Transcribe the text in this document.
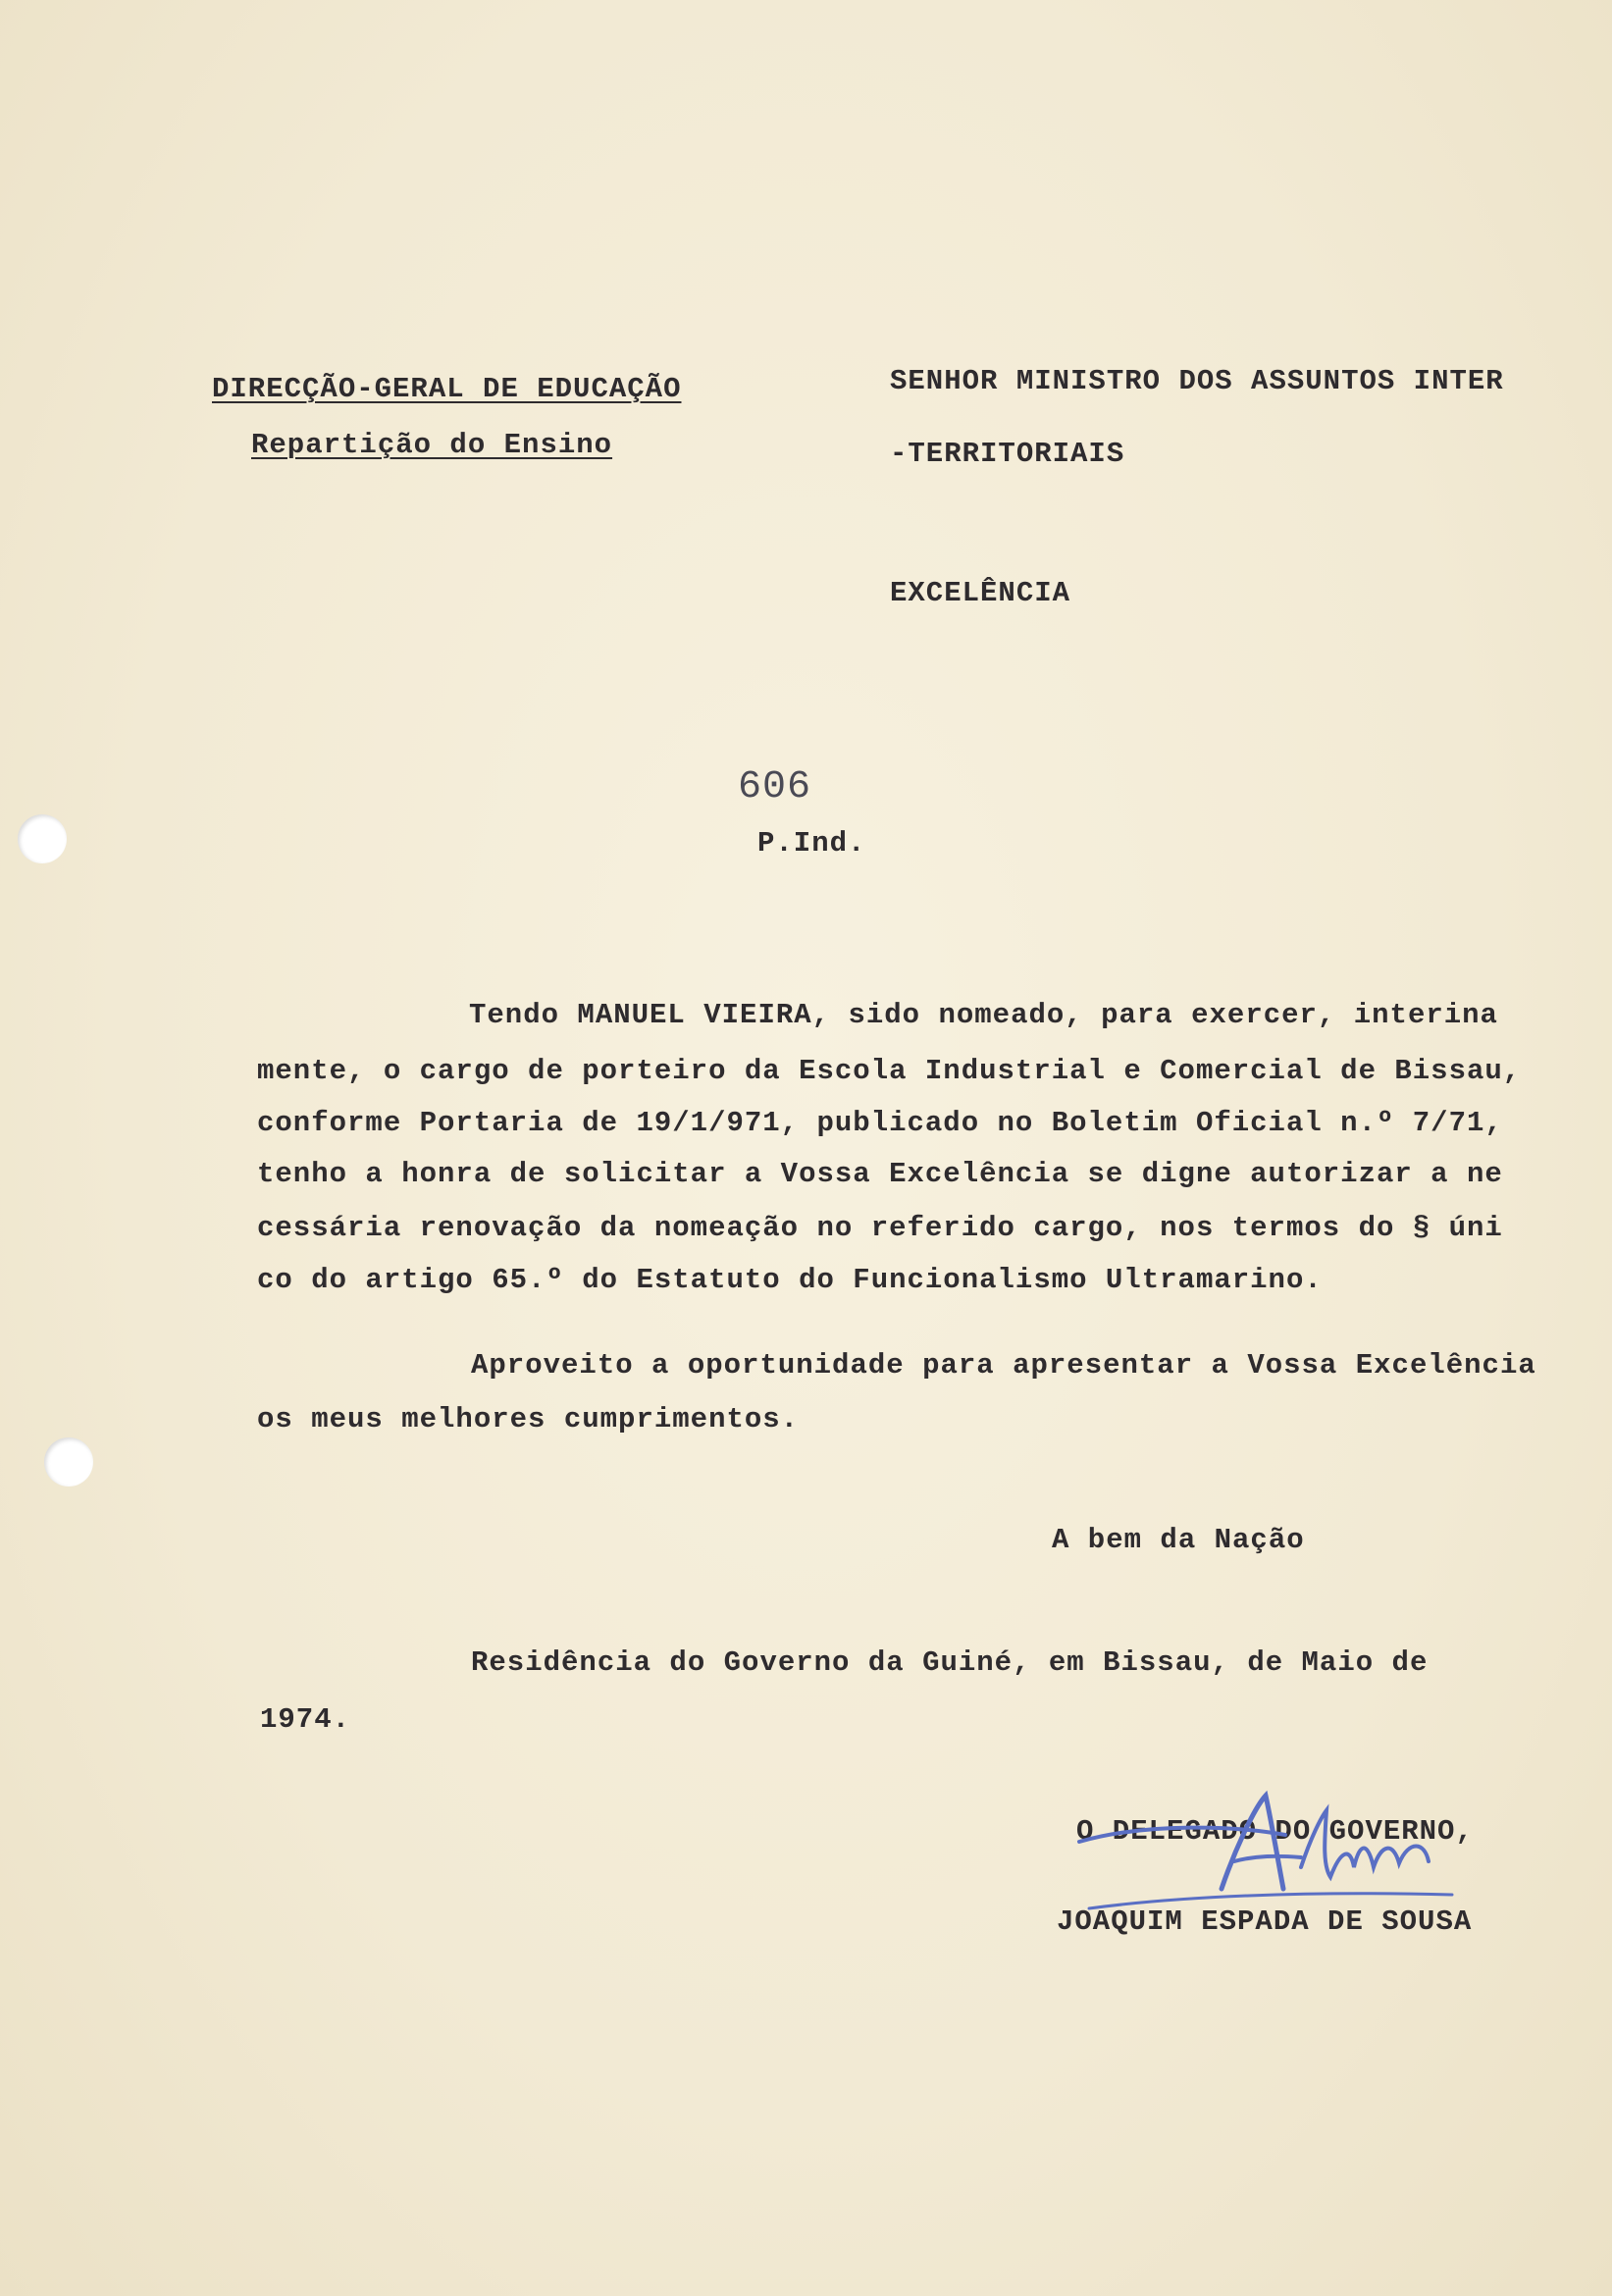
DIRECÇÃO-GERAL DE EDUCAÇÃO
Repartição do Ensino
SENHOR MINISTRO DOS ASSUNTOS INTER
-TERRITORIAIS
EXCELÊNCIA
606
P.Ind.
Tendo MANUEL VIEIRA, sido nomeado, para exercer, interina
mente, o cargo de porteiro da Escola Industrial e Comercial de Bissau,
conforme Portaria de 19/1/971, publicado no Boletim Oficial n.º 7/71,
tenho a honra de solicitar a Vossa Excelência se digne autorizar a ne
cessária renovação da nomeação no referido cargo, nos termos do § úni
co do artigo 65.º do Estatuto do Funcionalismo Ultramarino.
Aproveito a oportunidade para apresentar a Vossa Excelência
os meus melhores cumprimentos.
A bem da Nação
Residência do Governo da Guiné, em Bissau, de Maio de
1974.
O DELEGADO DO GOVERNO,
JOAQUIM ESPADA DE SOUSA
